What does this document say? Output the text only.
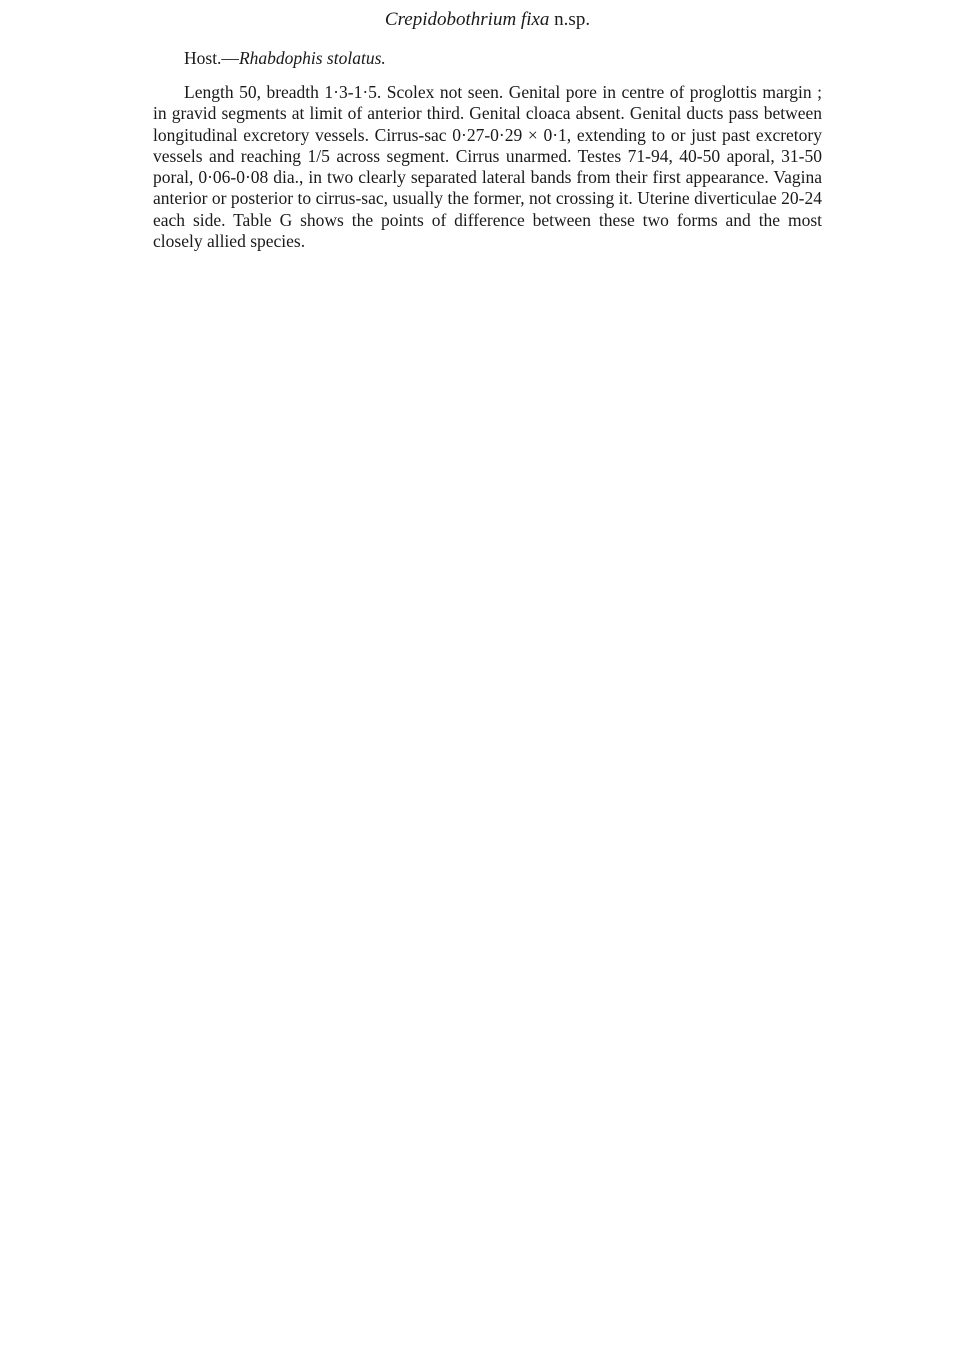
Crepidobothrium fixa n.sp.
Host.—Rhabdophis stolatus.

Length 50, breadth 1·3-1·5. Scolex not seen. Genital pore in centre of proglottis margin ; in gravid segments at limit of anterior third. Genital cloaca absent. Genital ducts pass between longitudinal excretory vessels. Cirrus-sac 0·27-0·29 × 0·1, extending to or just past excretory vessels and reaching 1/5 across segment. Cirrus unarmed. Testes 71-94, 40-50 aporal, 31-50 poral, 0·06-0·08 dia., in two clearly separated lateral bands from their first appearance. Vagina anterior or posterior to cirrus-sac, usually the former, not crossing it. Uterine diverticulae 20-24 each side. Table G shows the points of difference between these two forms and the most closely allied species.
